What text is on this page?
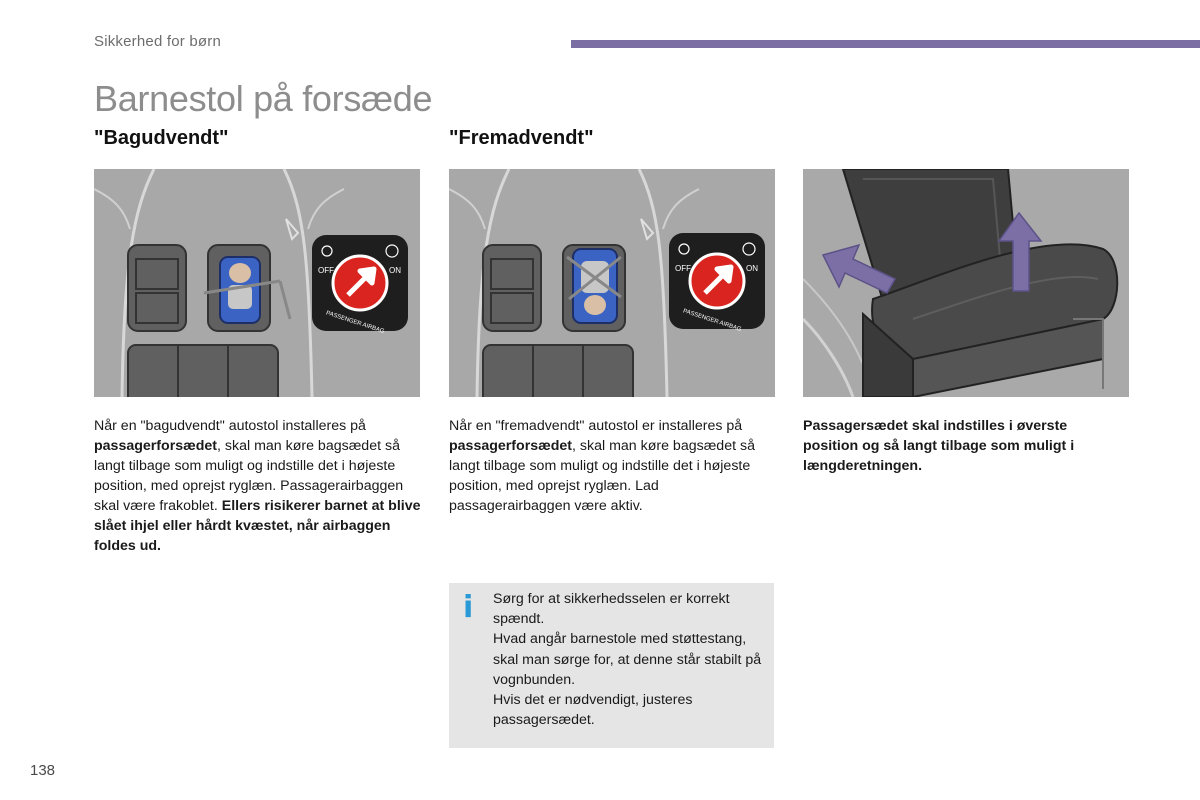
Sikkerhed for børn
Barnestol på forsæde
"Bagudvendt"	"Fremadvendt"
OFF	ON
PASSENGER AIRBAG
OFF	ON
PASSENGER AIRBAG
Når en "bagudvendt" autostol installeres på passagerforsædet, skal man køre bagsædet så langt tilbage som muligt og indstille det i højeste position, med oprejst ryglæn. Passagerairbaggen skal være frakoblet. Ellers risikerer barnet at blive slået ihjel eller hårdt kvæstet, når airbaggen foldes ud.
Når en "fremadvendt" autostol er installeres på passagerforsædet, skal man køre bagsædet så langt tilbage som muligt og indstille det i højeste position, med oprejst ryglæn. Lad passagerairbaggen være aktiv.
Passagersædet skal indstilles i øverste position og så langt tilbage som muligt i længderetningen.
i Sørg for at sikkerhedsselen er korrekt spændt.
Hvad angår barnestole med støttestang, skal man sørge for, at denne står stabilt på vognbunden.
Hvis det er nødvendigt, justeres passagersædet.
138
